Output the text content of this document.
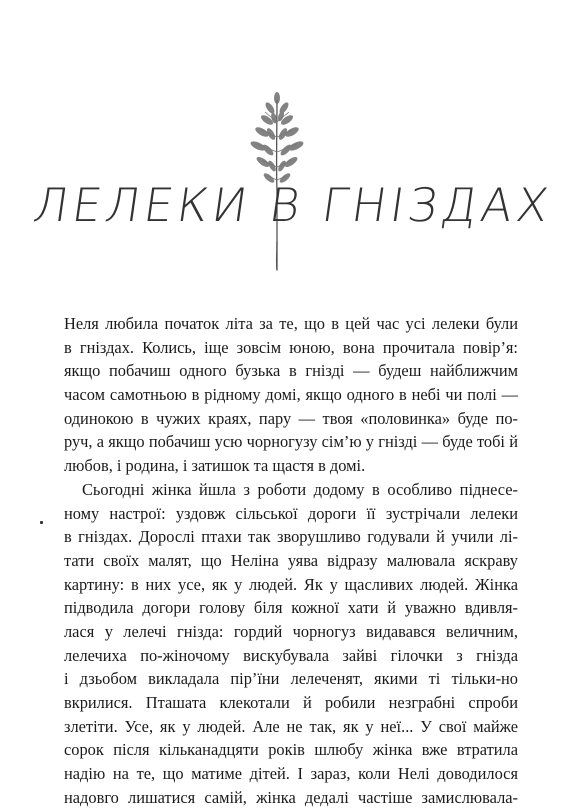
ЛЕЛЕКИ В ГНІЗДАХ
Неля любила початок літа за те, що в цей час усі лелеки були
в гніздах. Колись, іще зовсім юною, вона прочитала повір’я:
якщо побачиш одного бузька в гнізді — будеш найближчим
часом самотньою в рідному домі, якщо одного в небі чи полі —
одинокою в чужих краях, пару — твоя «половинка» буде по-
руч, а якщо побачиш усю чорногузу сім’ю у гнізді — буде тобі й
любов, і родина, і затишок та щастя в домі.
Сьогодні жінка йшла з роботи додому в особливо піднесе-
ному настрої: уздовж сільської дороги її зустрічали лелеки
в гніздах. Дорослі птахи так зворушливо годували й учили лі-
тати своїх малят, що Неліна уява відразу малювала яскраву
картину: в них усе, як у людей. Як у щасливих людей. Жінка
підводила догори голову біля кожної хати й уважно вдивля-
лася у лелечі гнізда: гордий чорногуз видавався величним,
лелечиха по-жіночому вискубувала зайві гілочки з гнізда
і дзьобом викладала пір’їни лелеченят, якими ті тільки-но
вкрилися. Пташата клекотали й робили незграбні спроби
злетіти. Усе, як у людей. Але не так, як у неї... У свої майже
сорок після кільканадцяти років шлюбу жінка вже втратила
надію на те, що матиме дітей. І зараз, коли Нелі доводилося
надовго лишатися самій, жінка дедалі частіше замислювала-
